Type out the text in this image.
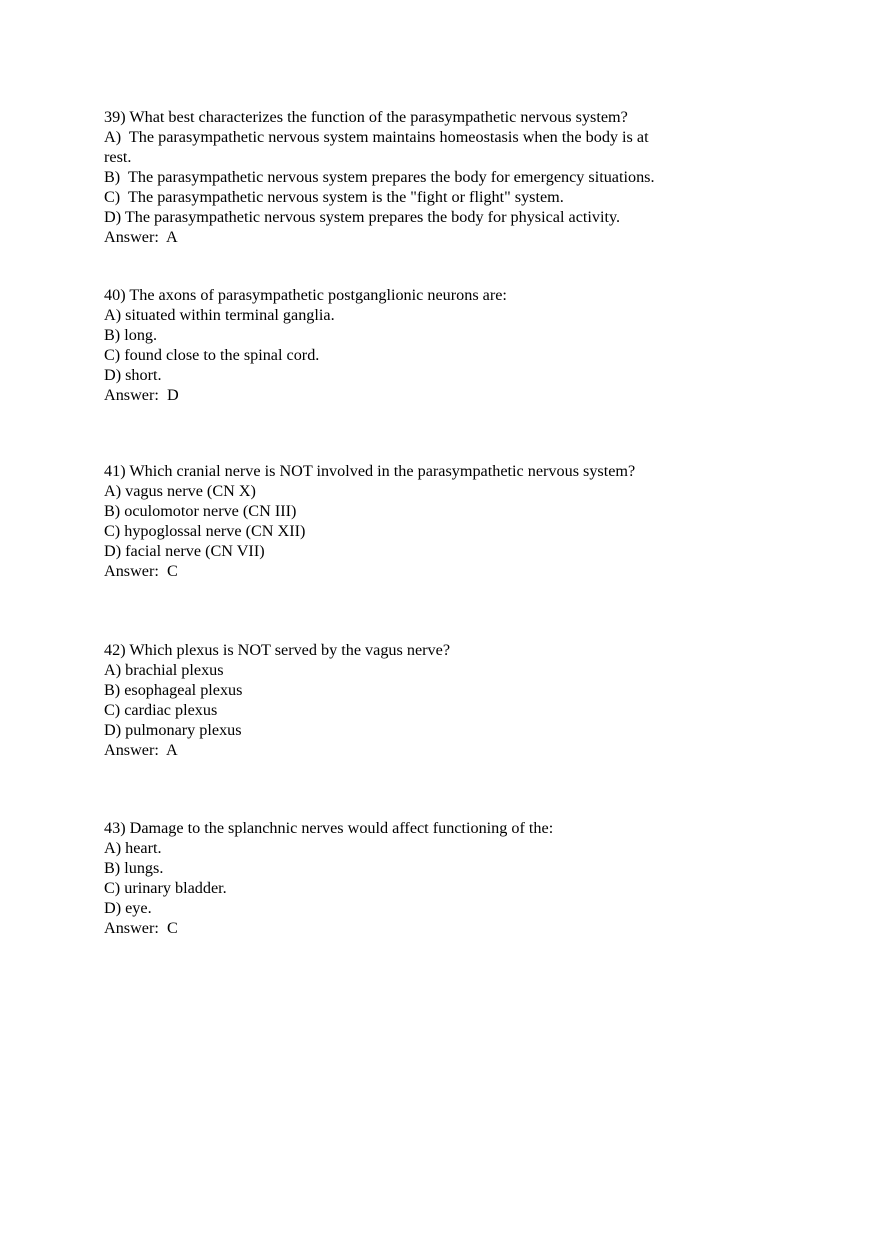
39) What best characterizes the function of the parasympathetic nervous system?
A)  The parasympathetic nervous system maintains homeostasis when the body is at
rest.
B)  The parasympathetic nervous system prepares the body for emergency situations.
C)  The parasympathetic nervous system is the "fight or flight" system.
D) The parasympathetic nervous system prepares the body for physical activity.
Answer:  A
40) The axons of parasympathetic postganglionic neurons are:
A) situated within terminal ganglia.
B) long.
C) found close to the spinal cord.
D) short.
Answer:  D
41) Which cranial nerve is NOT involved in the parasympathetic nervous system?
A) vagus nerve (CN X)
B) oculomotor nerve (CN III)
C) hypoglossal nerve (CN XII)
D) facial nerve (CN VII)
Answer:  C
42) Which plexus is NOT served by the vagus nerve?
A) brachial plexus
B) esophageal plexus
C) cardiac plexus
D) pulmonary plexus
Answer:  A
43) Damage to the splanchnic nerves would affect functioning of the:
A) heart.
B) lungs.
C) urinary bladder.
D) eye.
Answer:  C
